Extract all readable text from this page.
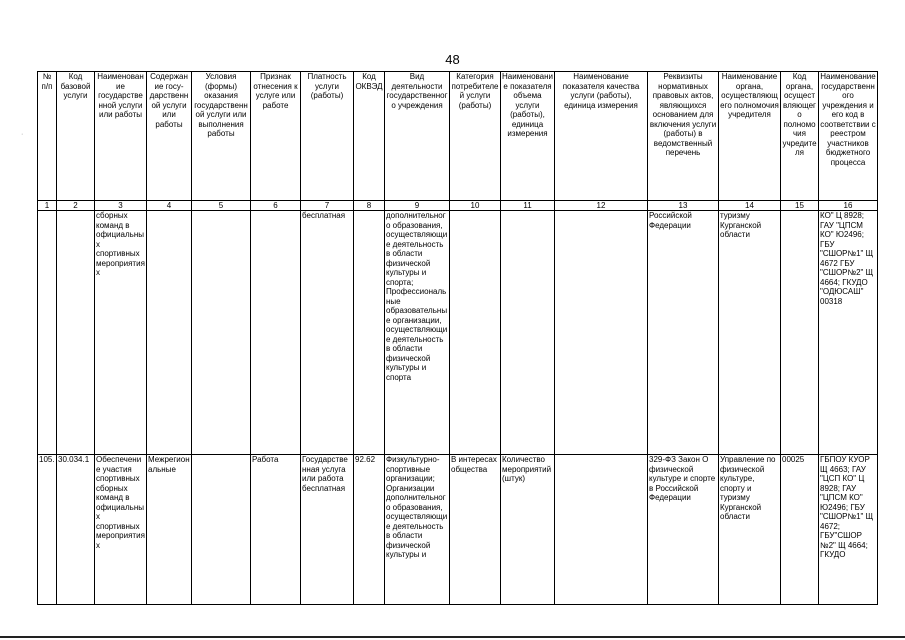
48
·
№ п/п	Код базовой услуги	Наименование государственной услуги или работы	Содержание госу-дарственной услуги или работы	Условия (формы) оказания государственной услуги или выполнения работы	Признак отнесения к услуге или работе	Платность услуги (работы)	Код ОКВЭД	Вид деятельности государственного учреждения	Категория потребителей услуги (работы)	Наименование показателя объема услуги (работы), единица измерения	Наименование показателя качества услуги (работы), единица измерения	Реквизиты нормативных правовых актов, являющихся основанием для включения услуги (работы) в ведомственный перечень	Наименование органа, осуществляющего полномочия учредителя	Код органа, осуществляющего полномочия учредителя	Наименование государственного учреждения и его код в соответствии с реестром участников бюджетного процесса
1	2	3	4	5	6	7	8	9	10	11	12	13	14	15	16
		сборных команд в официальных спортивных мероприятиях				бесплатная		дополнительного образования, осуществляющие деятельность в области физической культуры и спорта; Профессиональные образовательные организации, осуществляющие деятельность в области физической культуры и спорта				Российской Федерации	туризму Курганской области		КО" Ц 8928; ГАУ "ЦПСМ КО" Ю2496; ГБУ "СШОР№1" Щ 4672 ГБУ "СШОР№2" Щ 4664; ГКУДО "ОДЮСАШ" 00318
105.	30.034.1	Обеспечение участия спортивных сборных команд в официальных спортивных мероприятиях	Межрегиональные		Работа	Государственная услуга или работа бесплатная	92.62	Физкультурно-спортивные организации; Организации дополнительного образования, осуществляющие деятельность в области физической культуры и	В интересах общества	Количество мероприятий (штук)		329-ФЗ Закон О физической культуре и спорте в Российской Федерации	Управление по физической культуре, спорту и туризму Курганской области	00025	ГБПОУ КУОР Щ 4663; ГАУ "ЦСП КО" Ц 8928; ГАУ "ЦПСМ КО" Ю2496; ГБУ "СШОР№1" Щ 4672; ГБУ"СШОР №2" Щ 4664; ГКУДО
